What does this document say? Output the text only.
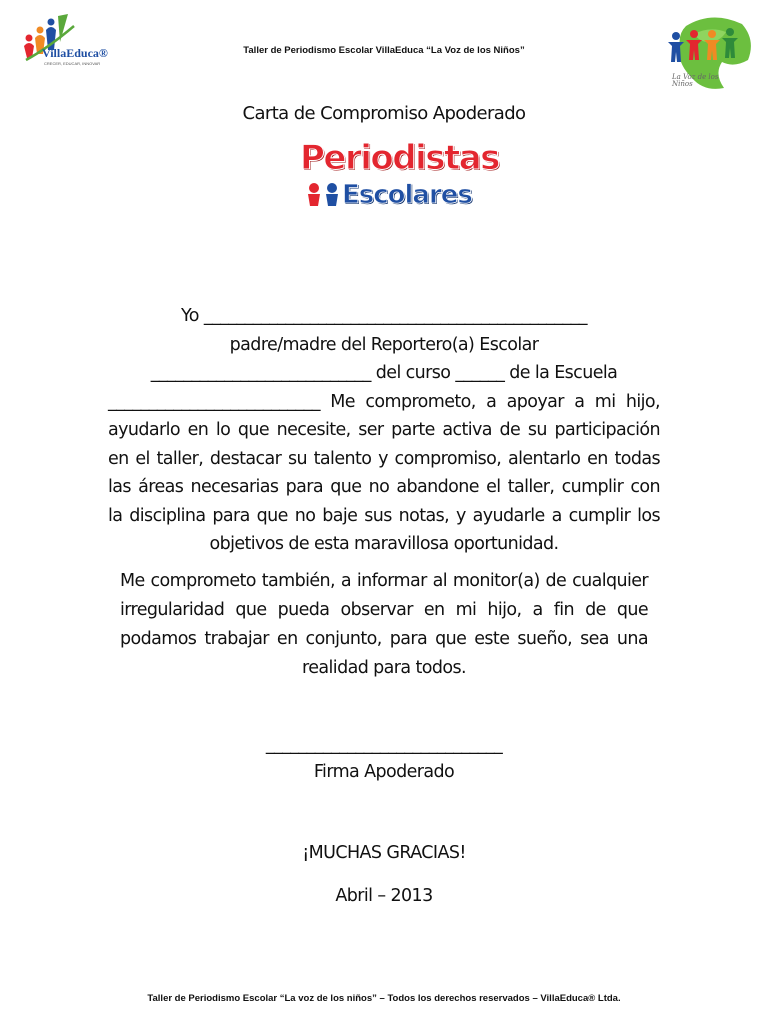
VillaEduca®
CRECER, EDUCAR, INNOVAR
Taller de Periodismo Escolar VillaEduca “La Voz de los Niños”
La Voz de los Niños
Carta de Compromiso Apoderado
Periodistas
Escolares
Yo _______________________________________________
padre/madre del Reportero(a) Escolar
___________________________ del curso ______ de la Escuela
__________________________ Me comprometo, a apoyar a mi hijo,
ayudarlo en lo que necesite, ser parte activa de su participación
en el taller, destacar su talento y compromiso, alentarlo en todas
las áreas necesarias para que no abandone el taller, cumplir con
la disciplina para que no baje sus notas, y ayudarle a cumplir los
objetivos de esta maravillosa oportunidad.
Me comprometo también, a informar al monitor(a) de cualquier
irregularidad que pueda observar en mi hijo, a fin de que
podamos trabajar en conjunto, para que este sueño, sea una
realidad para todos.
_____________________________
Firma Apoderado
¡MUCHAS GRACIAS!
Abril – 2013
Taller de Periodismo Escolar “La voz de los niños” – Todos los derechos reservados – VillaEduca® Ltda.
